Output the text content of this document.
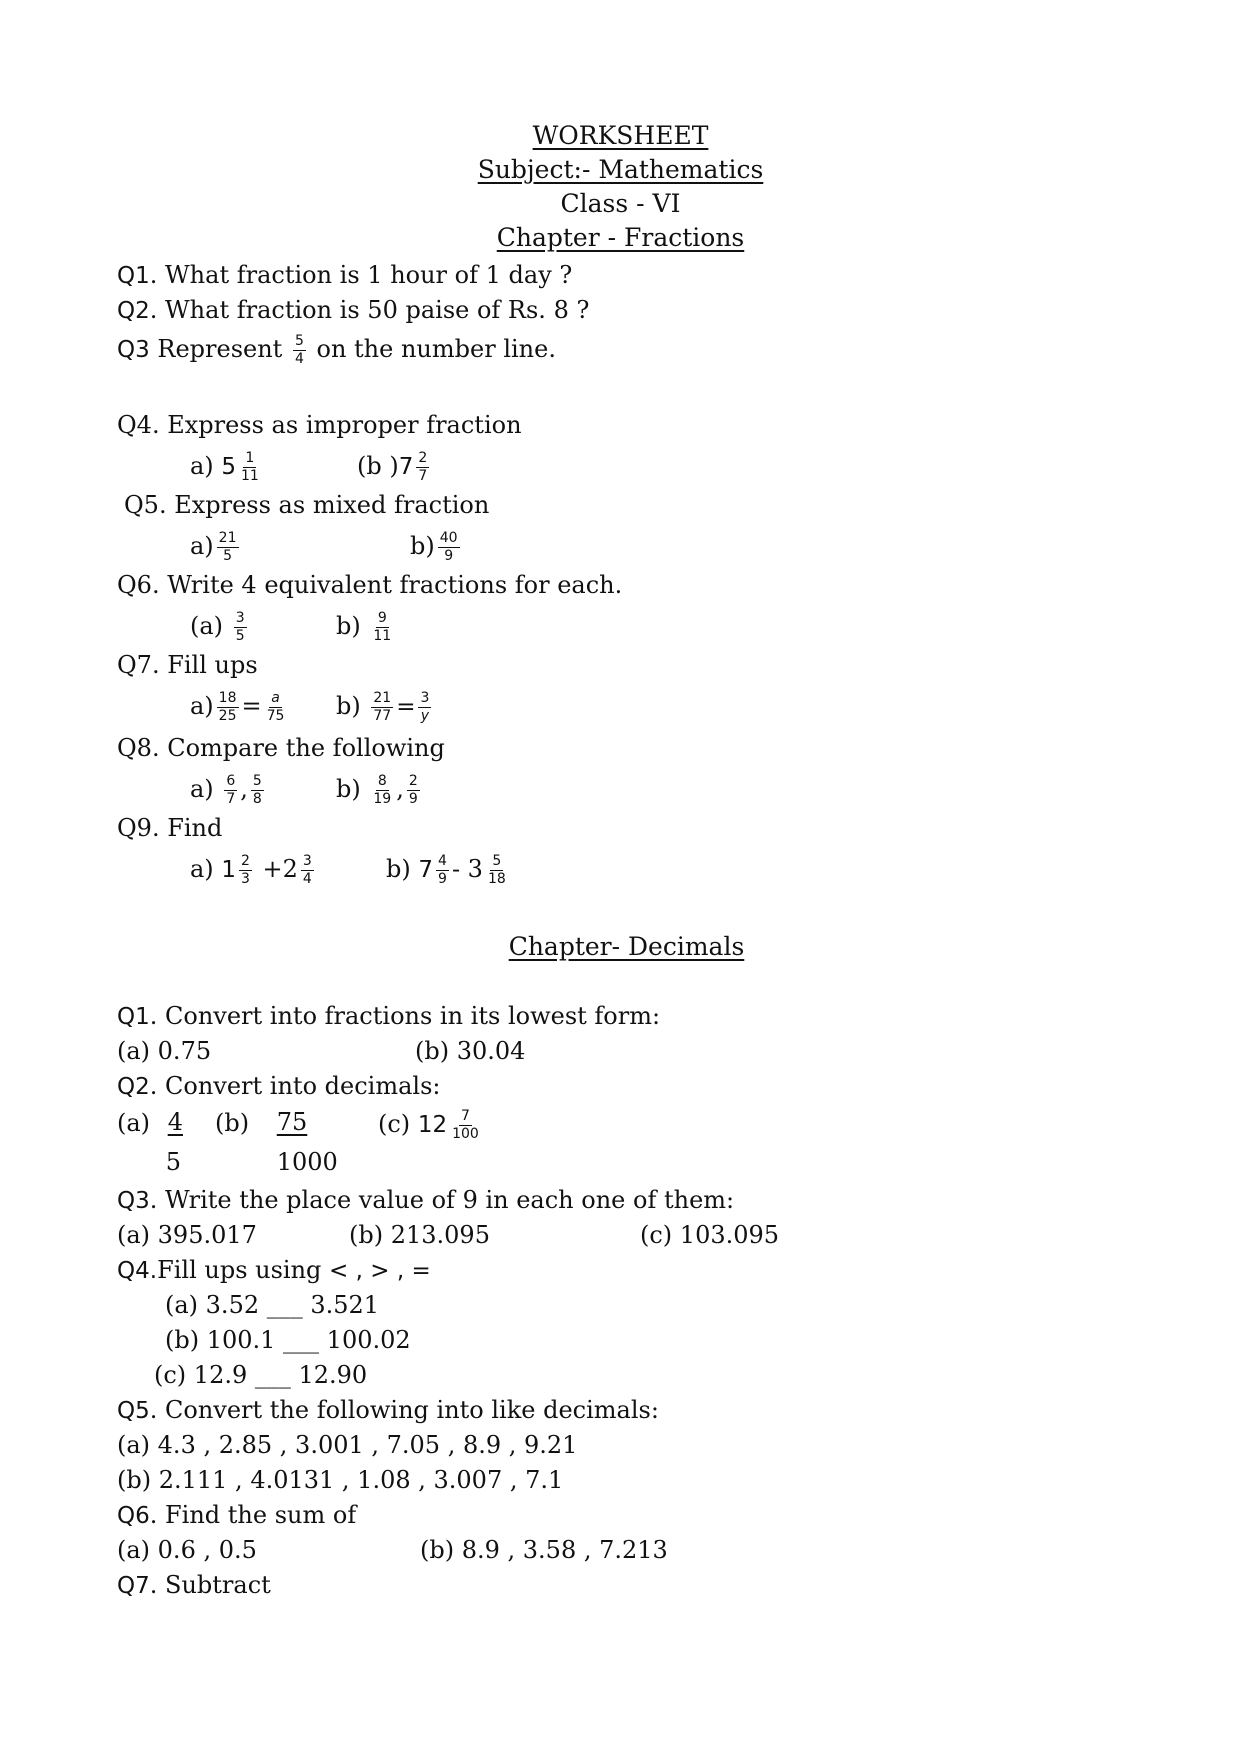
WORKSHEET
Subject:- Mathematics
Class - VI
Chapter - Fractions
Q1. What fraction is 1 hour of 1 day ?
Q2. What fraction is 50 paise of Rs. 8 ?
Q3 Represent $\frac{5}{4}$ on the number line.
Q4. Express as improper fraction
a) $5 \frac{1}{11}$	(b )$7 \frac{2}{7}$
Q5. Express as mixed fraction
$a) \frac{21}{5}$	$b) \frac{40}{9}$
Q6. Write 4 equivalent fractions for each.
$(a) \frac{3}{5}$	$b) \frac{9}{11}$
Q7. Fill ups
$a) \frac{18}{25} = \frac{a}{75} b) \frac{21}{77} = \frac{3}{y}$
Q8. Compare the following
$a) \frac{6}{7}$ , $\frac{5}{8}$	$b) \frac{8}{19}$ , $\frac{2}{9}$
Q9. Find
a) $1 \frac{2}{3} +2 \frac{3}{4}$	b) $7 \frac{4}{9} - 3 \frac{5}{18}$
Chapter- Decimals
Q1. Convert into fractions in its lowest form:
(a) 0.75	(b) 30.04
Q2. Convert into decimals:
(a)
$\frac{4}{5}$
(b)
$\frac{75}{1000}$
(c) $12 \frac{7}{100}$
Q3. Write the place value of 9 in each one of them:
(a) 395.017	(b) 213.095	(c) 103.095
Q4.Fill ups using < , > , =
(a) 3.52 ___ 3.521
(b) 100.1 ___ 100.02
(c) 12.9 ___ 12.90
Q5. Convert the following into like decimals:
(a) 4.3 , 2.85 , 3.001 , 7.05 , 8.9 , 9.21
(b) 2.111 , 4.0131 , 1.08 , 3.007 , 7.1
Q6. Find the sum of
(a) 0.6 , 0.5	(b) 8.9 , 3.58 , 7.213
Q7. Subtract
